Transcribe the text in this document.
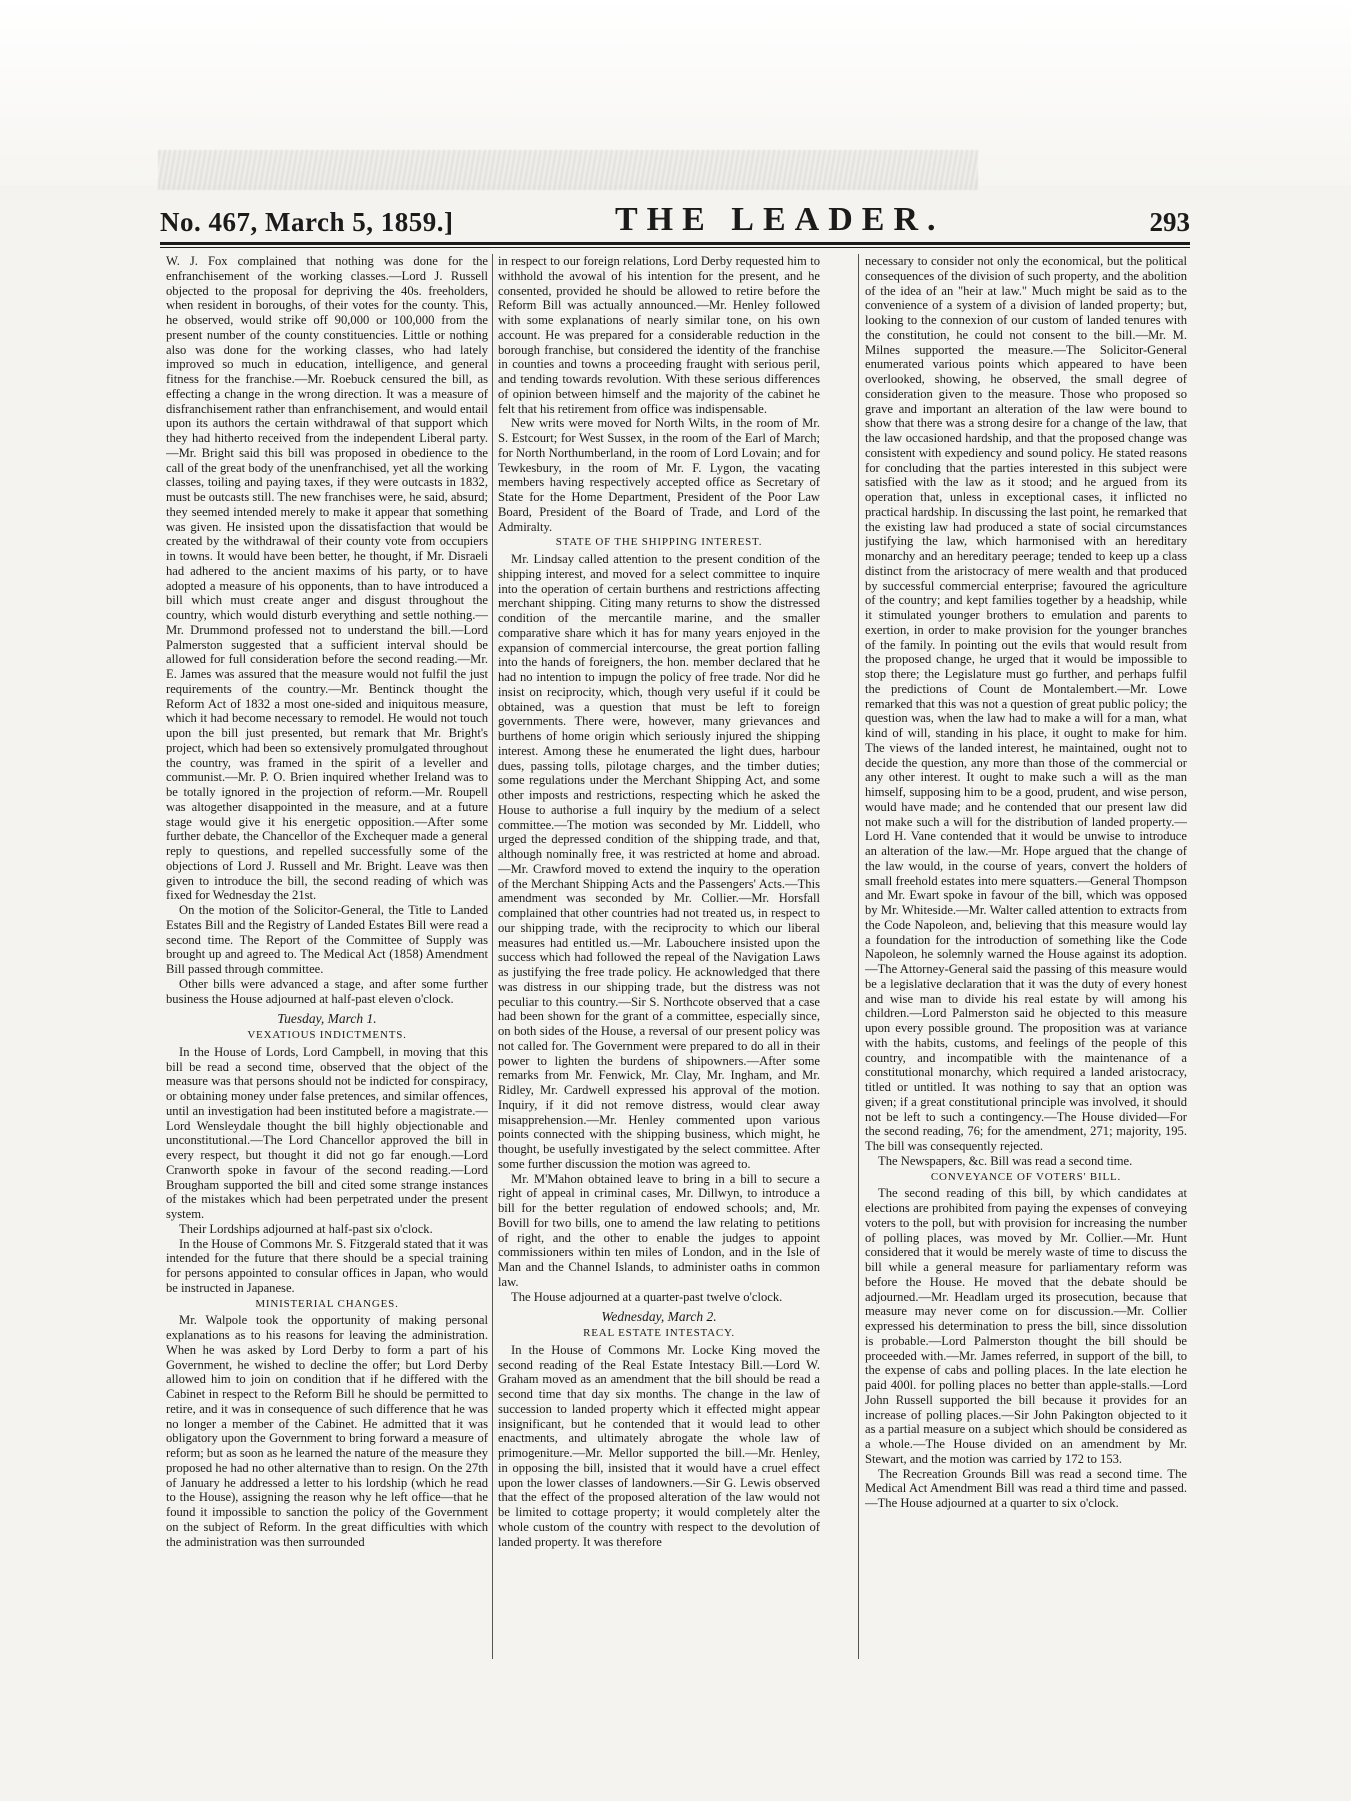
No. 467, March 5, 1859.]	THE LEADER.	293

W. J. Fox complained that nothing was done for the enfranchisement of the working classes.—Lord J. Russell objected to the proposal for depriving the 40s. freeholders, when resident in boroughs, of their votes for the county. This, he observed, would strike off 90,000 or 100,000 from the present number of the county constituencies. Little or nothing also was done for the working classes, who had lately improved so much in education, intelligence, and general fitness for the franchise.—Mr. Roebuck censured the bill, as effecting a change in the wrong direction. It was a measure of disfranchisement rather than enfranchisement, and would entail upon its authors the certain withdrawal of that support which they had hitherto received from the independent Liberal party.—Mr. Bright said this bill was proposed in obedience to the call of the great body of the unenfranchised, yet all the working classes, toiling and paying taxes, if they were outcasts in 1832, must be outcasts still. The new franchises were, he said, absurd; they seemed intended merely to make it appear that something was given. He insisted upon the dissatisfaction that would be created by the withdrawal of their county vote from occupiers in towns. It would have been better, he thought, if Mr. Disraeli had adhered to the ancient maxims of his party, or to have adopted a measure of his opponents, than to have introduced a bill which must create anger and disgust throughout the country, which would disturb everything and settle nothing.—Mr. Drummond professed not to understand the bill.—Lord Palmerston suggested that a sufficient interval should be allowed for full consideration before the second reading.—Mr. E. James was assured that the measure would not fulfil the just requirements of the country.—Mr. Bentinck thought the Reform Act of 1832 a most one-sided and iniquitous measure, which it had become necessary to remodel. He would not touch upon the bill just presented, but remark that Mr. Bright's project, which had been so extensively promulgated throughout the country, was framed in the spirit of a leveller and communist.—Mr. P. O. Brien inquired whether Ireland was to be totally ignored in the projection of reform.—Mr. Roupell was altogether disappointed in the measure, and at a future stage would give it his energetic opposition.—After some further debate, the Chancellor of the Exchequer made a general reply to questions, and repelled successfully some of the objections of Lord J. Russell and Mr. Bright. Leave was then given to introduce the bill, the second reading of which was fixed for Wednesday the 21st.

On the motion of the Solicitor-General, the Title to Landed Estates Bill and the Registry of Landed Estates Bill were read a second time. The Report of the Committee of Supply was brought up and agreed to. The Medical Act (1858) Amendment Bill passed through committee.

Other bills were advanced a stage, and after some further business the House adjourned at half-past eleven o'clock.

Tuesday, March 1.
VEXATIOUS INDICTMENTS.

In the House of Lords, Lord Campbell, in moving that this bill be read a second time, observed that the object of the measure was that persons should not be indicted for conspiracy, or obtaining money under false pretences, and similar offences, until an investigation had been instituted before a magistrate.—Lord Wensleydale thought the bill highly objectionable and unconstitutional.—The Lord Chancellor approved the bill in every respect, but thought it did not go far enough.—Lord Cranworth spoke in favour of the second reading.—Lord Brougham supported the bill and cited some strange instances of the mistakes which had been perpetrated under the present system.

Their Lordships adjourned at half-past six o'clock.

In the House of Commons Mr. S. Fitzgerald stated that it was intended for the future that there should be a special training for persons appointed to consular offices in Japan, who would be instructed in Japanese.

MINISTERIAL CHANGES.

Mr. Walpole took the opportunity of making personal explanations as to his reasons for leaving the administration. When he was asked by Lord Derby to form a part of his Government, he wished to decline the offer; but Lord Derby allowed him to join on condition that if he differed with the Cabinet in respect to the Reform Bill he should be permitted to retire, and it was in consequence of such difference that he was no longer a member of the Cabinet. He admitted that it was obligatory upon the Government to bring forward a measure of reform; but as soon as he learned the nature of the measure they proposed he had no other alternative than to resign. On the 27th of January he addressed a letter to his lordship (which he read to the House), assigning the reason why he left office—that he found it impossible to sanction the policy of the Government on the subject of Reform. In the great difficulties with which the administration was then surrounded

in respect to our foreign relations, Lord Derby requested him to withhold the avowal of his intention for the present, and he consented, provided he should be allowed to retire before the Reform Bill was actually announced.—Mr. Henley followed with some explanations of nearly similar tone, on his own account. He was prepared for a considerable reduction in the borough franchise, but considered the identity of the franchise in counties and towns a proceeding fraught with serious peril, and tending towards revolution. With these serious differences of opinion between himself and the majority of the cabinet he felt that his retirement from office was indispensable.

New writs were moved for North Wilts, in the room of Mr. S. Estcourt; for West Sussex, in the room of the Earl of March; for North Northumberland, in the room of Lord Lovain; and for Tewkesbury, in the room of Mr. F. Lygon, the vacating members having respectively accepted office as Secretary of State for the Home Department, President of the Poor Law Board, President of the Board of Trade, and Lord of the Admiralty.

STATE OF THE SHIPPING INTEREST.

Mr. Lindsay called attention to the present condition of the shipping interest, and moved for a select committee to inquire into the operation of certain burthens and restrictions affecting merchant shipping. Citing many returns to show the distressed condition of the mercantile marine, and the smaller comparative share which it has for many years enjoyed in the expansion of commercial intercourse, the great portion falling into the hands of foreigners, the hon. member declared that he had no intention to impugn the policy of free trade. Nor did he insist on reciprocity, which, though very useful if it could be obtained, was a question that must be left to foreign governments. There were, however, many grievances and burthens of home origin which seriously injured the shipping interest. Among these he enumerated the light dues, harbour dues, passing tolls, pilotage charges, and the timber duties; some regulations under the Merchant Shipping Act, and some other imposts and restrictions, respecting which he asked the House to authorise a full inquiry by the medium of a select committee.—The motion was seconded by Mr. Liddell, who urged the depressed condition of the shipping trade, and that, although nominally free, it was restricted at home and abroad.—Mr. Crawford moved to extend the inquiry to the operation of the Merchant Shipping Acts and the Passengers' Acts.—This amendment was seconded by Mr. Collier.—Mr. Horsfall complained that other countries had not treated us, in respect to our shipping trade, with the reciprocity to which our liberal measures had entitled us.—Mr. Labouchere insisted upon the success which had followed the repeal of the Navigation Laws as justifying the free trade policy. He acknowledged that there was distress in our shipping trade, but the distress was not peculiar to this country.—Sir S. Northcote observed that a case had been shown for the grant of a committee, especially since, on both sides of the House, a reversal of our present policy was not called for. The Government were prepared to do all in their power to lighten the burdens of shipowners.—After some remarks from Mr. Fenwick, Mr. Clay, Mr. Ingham, and Mr. Ridley, Mr. Cardwell expressed his approval of the motion. Inquiry, if it did not remove distress, would clear away misapprehension.—Mr. Henley commented upon various points connected with the shipping business, which might, he thought, be usefully investigated by the select committee. After some further discussion the motion was agreed to.

Mr. M'Mahon obtained leave to bring in a bill to secure a right of appeal in criminal cases, Mr. Dillwyn, to introduce a bill for the better regulation of endowed schools; and, Mr. Bovill for two bills, one to amend the law relating to petitions of right, and the other to enable the judges to appoint commissioners within ten miles of London, and in the Isle of Man and the Channel Islands, to administer oaths in common law.

The House adjourned at a quarter-past twelve o'clock.

Wednesday, March 2.
REAL ESTATE INTESTACY.

In the House of Commons Mr. Locke King moved the second reading of the Real Estate Intestacy Bill.—Lord W. Graham moved as an amendment that the bill should be read a second time that day six months. The change in the law of succession to landed property which it effected might appear insignificant, but he contended that it would lead to other enactments, and ultimately abrogate the whole law of primogeniture.—Mr. Mellor supported the bill.—Mr. Henley, in opposing the bill, insisted that it would have a cruel effect upon the lower classes of landowners.—Sir G. Lewis observed that the effect of the proposed alteration of the law would not be limited to cottage property; it would completely alter the whole custom of the country with respect to the devolution of landed property. It was therefore

necessary to consider not only the economical, but the political consequences of the division of such property, and the abolition of the idea of an "heir at law." Much might be said as to the convenience of a system of a division of landed property; but, looking to the connexion of our custom of landed tenures with the constitution, he could not consent to the bill.—Mr. M. Milnes supported the measure.—The Solicitor-General enumerated various points which appeared to have been overlooked, showing, he observed, the small degree of consideration given to the measure. Those who proposed so grave and important an alteration of the law were bound to show that there was a strong desire for a change of the law, that the law occasioned hardship, and that the proposed change was consistent with expediency and sound policy. He stated reasons for concluding that the parties interested in this subject were satisfied with the law as it stood; and he argued from its operation that, unless in exceptional cases, it inflicted no practical hardship. In discussing the last point, he remarked that the existing law had produced a state of social circumstances justifying the law, which harmonised with an hereditary monarchy and an hereditary peerage; tended to keep up a class distinct from the aristocracy of mere wealth and that produced by successful commercial enterprise; favoured the agriculture of the country; and kept families together by a headship, while it stimulated younger brothers to emulation and parents to exertion, in order to make provision for the younger branches of the family. In pointing out the evils that would result from the proposed change, he urged that it would be impossible to stop there; the Legislature must go further, and perhaps fulfil the predictions of Count de Montalembert.—Mr. Lowe remarked that this was not a question of great public policy; the question was, when the law had to make a will for a man, what kind of will, standing in his place, it ought to make for him. The views of the landed interest, he maintained, ought not to decide the question, any more than those of the commercial or any other interest. It ought to make such a will as the man himself, supposing him to be a good, prudent, and wise person, would have made; and he contended that our present law did not make such a will for the distribution of landed property.—Lord H. Vane contended that it would be unwise to introduce an alteration of the law.—Mr. Hope argued that the change of the law would, in the course of years, convert the holders of small freehold estates into mere squatters.—General Thompson and Mr. Ewart spoke in favour of the bill, which was opposed by Mr. Whiteside.—Mr. Walter called attention to extracts from the Code Napoleon, and, believing that this measure would lay a foundation for the introduction of something like the Code Napoleon, he solemnly warned the House against its adoption.—The Attorney-General said the passing of this measure would be a legislative declaration that it was the duty of every honest and wise man to divide his real estate by will among his children.—Lord Palmerston said he objected to this measure upon every possible ground. The proposition was at variance with the habits, customs, and feelings of the people of this country, and incompatible with the maintenance of a constitutional monarchy, which required a landed aristocracy, titled or untitled. It was nothing to say that an option was given; if a great constitutional principle was involved, it should not be left to such a contingency.—The House divided—For the second reading, 76; for the amendment, 271; majority, 195. The bill was consequently rejected.

The Newspapers, &c. Bill was read a second time.

CONVEYANCE OF VOTERS' BILL.

The second reading of this bill, by which candidates at elections are prohibited from paying the expenses of conveying voters to the poll, but with provision for increasing the number of polling places, was moved by Mr. Collier.—Mr. Hunt considered that it would be merely waste of time to discuss the bill while a general measure for parliamentary reform was before the House. He moved that the debate should be adjourned.—Mr. Headlam urged its prosecution, because that measure may never come on for discussion.—Mr. Collier expressed his determination to press the bill, since dissolution is probable.—Lord Palmerston thought the bill should be proceeded with.—Mr. James referred, in support of the bill, to the expense of cabs and polling places. In the late election he paid 400l. for polling places no better than apple-stalls.—Lord John Russell supported the bill because it provides for an increase of polling places.—Sir John Pakington objected to it as a partial measure on a subject which should be considered as a whole.—The House divided on an amendment by Mr. Stewart, and the motion was carried by 172 to 153.

The Recreation Grounds Bill was read a second time. The Medical Act Amendment Bill was read a third time and passed.—The House adjourned at a quarter to six o'clock.
